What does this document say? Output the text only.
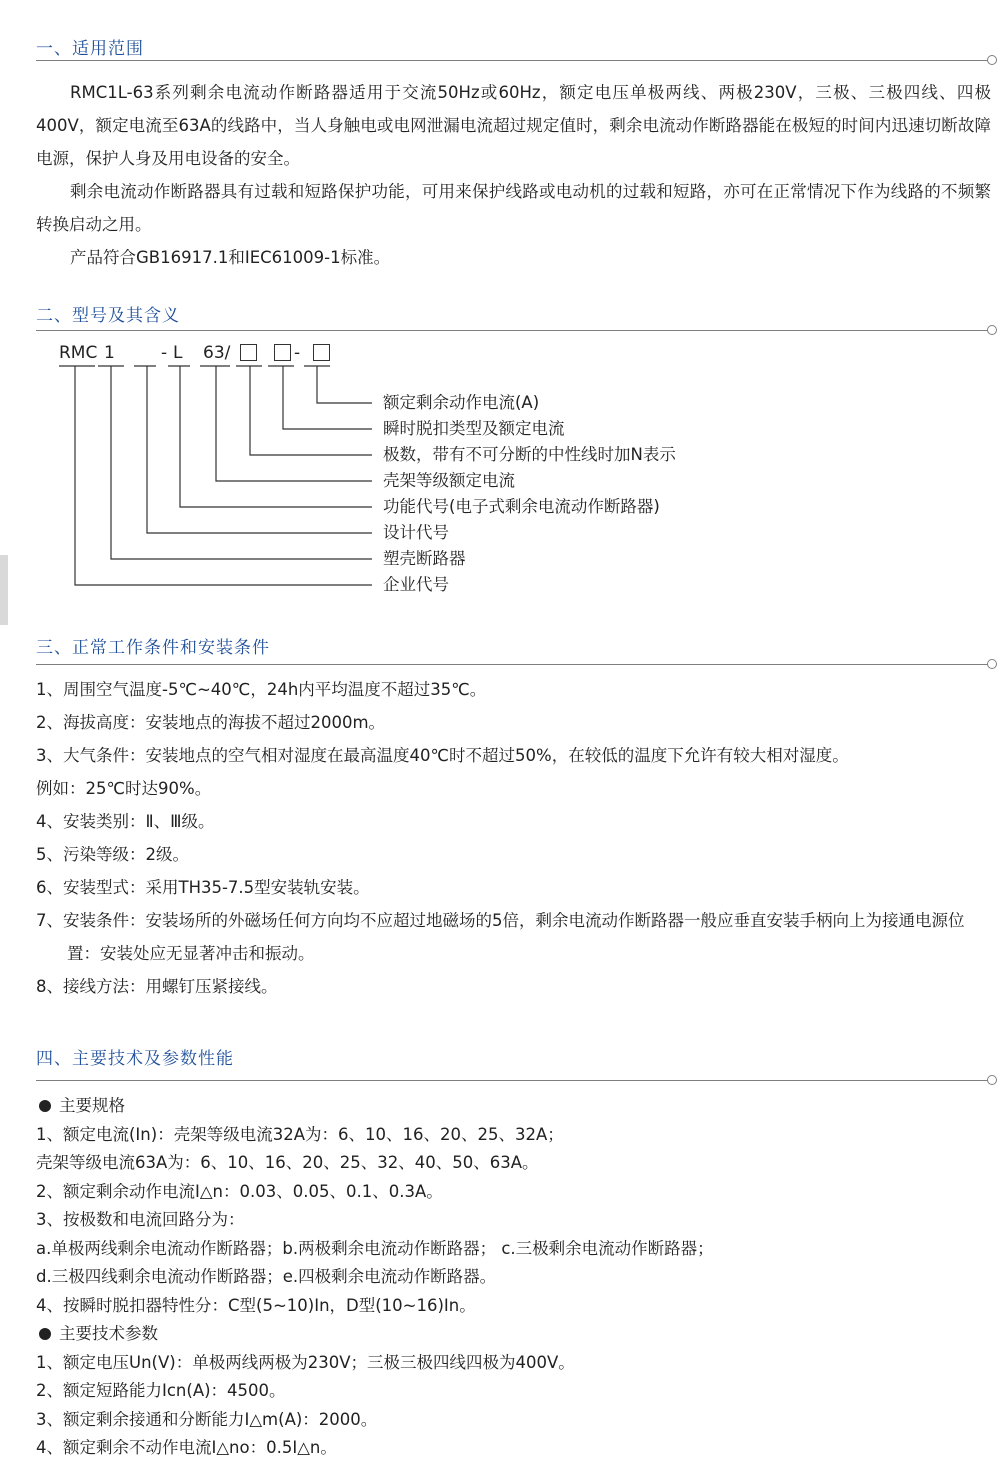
一、适用范围

RMC1L-63系列剩余电流动作断路器适用于交流50Hz或60Hz，额定电压单极两线、两极230V，三极、三极四线、四极400V，额定电流至63A的线路中，当人身触电或电网泄漏电流超过规定值时，剩余电流动作断路器能在极短的时间内迅速切断故障电源，保护人身及用电设备的安全。

剩余电流动作断路器具有过载和短路保护功能，可用来保护线路或电动机的过载和短路，亦可在正常情况下作为线路的不频繁转换启动之用。

产品符合GB16917.1和IEC61009-1标准。

二、型号及其含义
RMC 1	- L 63/	-
额定剩余动作电流(A)
瞬时脱扣类型及额定电流
极数，带有不可分断的中性线时加N表示
壳架等级额定电流
功能代号(电子式剩余电流动作断路器)
设计代号
塑壳断路器
企业代号
三、正常工作条件和安装条件
1、周围空气温度-5℃~40℃，24h内平均温度不超过35℃。
2、海拔高度：安装地点的海拔不超过2000m。
3、大气条件：安装地点的空气相对湿度在最高温度40℃时不超过50%，在较低的温度下允许有较大相对湿度。
例如：25℃时达90%。
4、安装类别：Ⅱ、Ⅲ级。
5、污染等级：2级。
6、安装型式：采用TH35-7.5型安装轨安装。
7、安装条件：安装场所的外磁场任何方向均不应超过地磁场的5倍，剩余电流动作断路器一般应垂直安装手柄向上为接通电源位置：安装处应无显著冲击和振动。
8、接线方法：用螺钉压紧接线。
四、主要技术及参数性能
主要规格
1、额定电流(In)：壳架等级电流32A为：6、10、16、20、25、32A；
壳架等级电流63A为：6、10、16、20、25、32、40、50、63A。
2、额定剩余动作电流I△n：0.03、0.05、0.1、0.3A。
3、按极数和电流回路分为：
a.单极两线剩余电流动作断路器；b.两极剩余电流动作断路器； c.三极剩余电流动作断路器；
d.三极四线剩余电流动作断路器；e.四极剩余电流动作断路器。
4、按瞬时脱扣器特性分：C型(5~10)In，D型(10~16)In。
主要技术参数
1、额定电压Un(V)：单极两线两极为230V；三极三极四线四极为400V。
2、额定短路能力Icn(A)：4500。
3、额定剩余接通和分断能力I△m(A)：2000。
4、额定剩余不动作电流I△no：0.5I△n。
